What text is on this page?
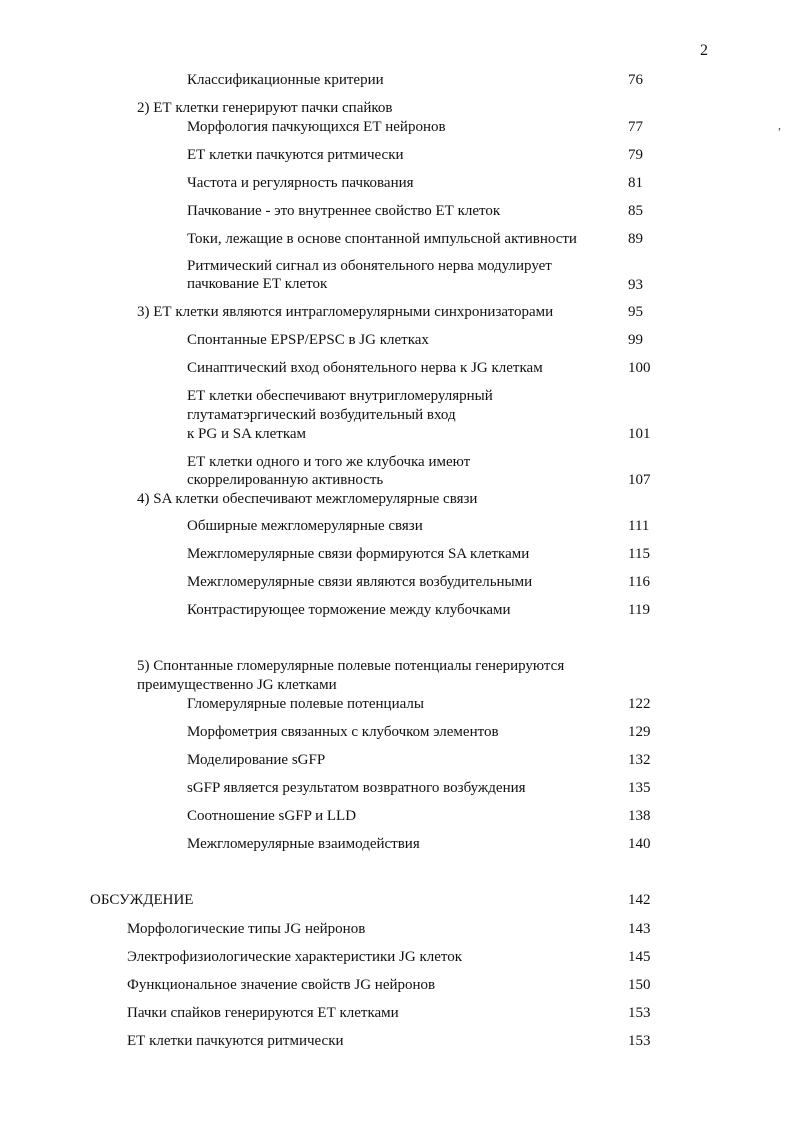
2
,
Классификационные критерии	76
2) ЕТ клетки генерируют пачки спайков
Морфология пачкующихся ЕТ нейронов	77
ЕТ клетки пачкуются ритмически	79
Частота и регулярность пачкования	81
Пачкование - это внутреннее свойство ЕТ клеток	85
Токи, лежащие в основе спонтанной импульсной активности	89
Ритмический сигнал из обонятельного нерва модулирует
пачкование ЕТ клеток	93
3) ЕТ клетки являются интрагломерулярными синхронизаторами	95
Спонтанные EPSP/EPSC в JG клетках	99
Синаптический вход обонятельного нерва к JG клеткам	100
ЕТ клетки обеспечивают внутригломерулярный
глутаматэргический возбудительный вход
к PG и SA клеткам	101
ЕТ клетки одного и того же клубочка имеют
скоррелированную активность	107
4) SA клетки обеспечивают межгломерулярные связи
Обширные межгломерулярные связи	111
Межгломерулярные связи формируются SA клетками	115
Межгломерулярные связи являются возбудительными	116
Контрастирующее торможение между клубочками	119
5) Спонтанные гломерулярные полевые потенциалы генерируются
преимущественно JG клетками
Гломерулярные полевые потенциалы	122
Морфометрия связанных с клубочком элементов	129
Моделирование sGFP	132
sGFP является результатом возвратного возбуждения	135
Соотношение sGFP и LLD	138
Межгломерулярные взаимодействия	140
ОБСУЖДЕНИЕ	142
Морфологические типы JG нейронов	143
Электрофизиологические характеристики JG клеток	145
Функциональное значение свойств JG нейронов	150
Пачки спайков генерируются ЕТ клетками	153
ЕТ клетки пачкуются ритмически	153
